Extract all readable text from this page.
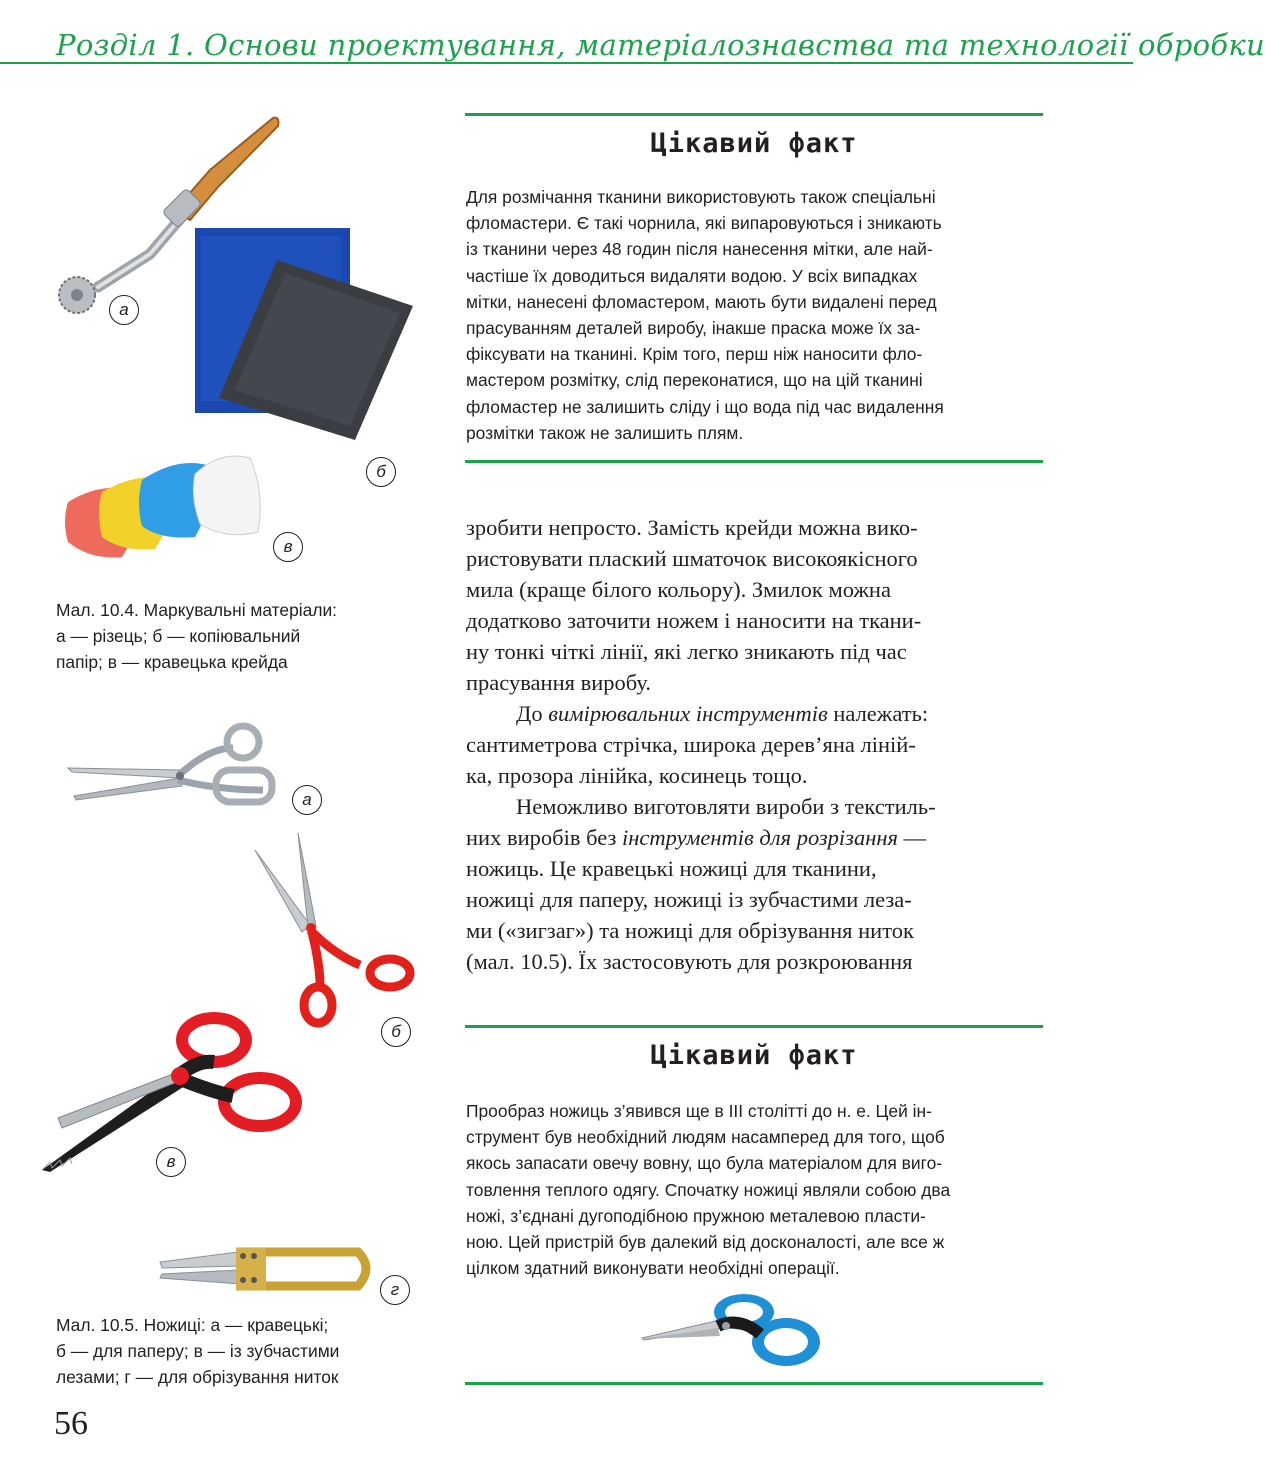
Розділ 1. Основи проектування, матеріалознавства та технології обробки
Цікавий факт

Для розмічання тканини використовують також спеціальні

фломастери. Є такі чорнила, які випаровуються і зникають

із тканини через 48 годин після нанесення мітки, але най-

частіше їх доводиться видаляти водою. У всіх випадках

мітки, нанесені фломастером, мають бути видалені перед

прасуванням деталей виробу, інакше праска може їх за-

фіксувати на тканині. Крім того, перш ніж наносити фло-

мастером розмітку, слід переконатися, що на цій тканині

фломастер не залишить сліду і що вода під час видалення

розмітки також не залишить плям.

зробити непросто. Замість крейди можна вико-

ристовувати плаский шматочок високоякісного

мила (краще білого кольору). Змилок можна

додатково заточити ножем і наносити на ткани-

ну тонкі чіткі лінії, які легко зникають під час

прасування виробу.

До вимірювальних інструментів належать:

сантиметрова стрічка, широка дерев’яна лінiй-

ка, прозора лінійка, косинець тощо.

Неможливо виготовляти вироби з текстиль-

них виробів без інструментів для розрізання —

ножиць. Це кравецькі ножиці для тканини,

ножиці для паперу, ножиці із зубчастими леза-

ми («зигзаг») та ножиці для обрізування ниток

(мал. 10.5). Їх застосовують для розкроювання

Цікавий факт

Прообраз ножиць з’явився ще в III столітті до н. е. Цей ін-

струмент був необхідний людям насамперед для того, щоб

якось запасати овечу вовну, що була матеріалом для виго-

товлення теплого одягу. Спочатку ножиці являли собою два

ножі, з’єднані дугоподібною пружною металевою пласти-

ною. Цей пристрій був далекий від досконалості, але все ж

цілком здатний виконувати необхідні операції.

а
б
в

Мал. 10.4. Маркувальні матеріали:

а — різець; б — копіювальний

папір; в — кравецька крейда

а
б
в
г

Мал. 10.5. Ножиці: а — кравецькі;

б — для паперу; в — із зубчастими

лезами; г — для обрізування ниток

56
